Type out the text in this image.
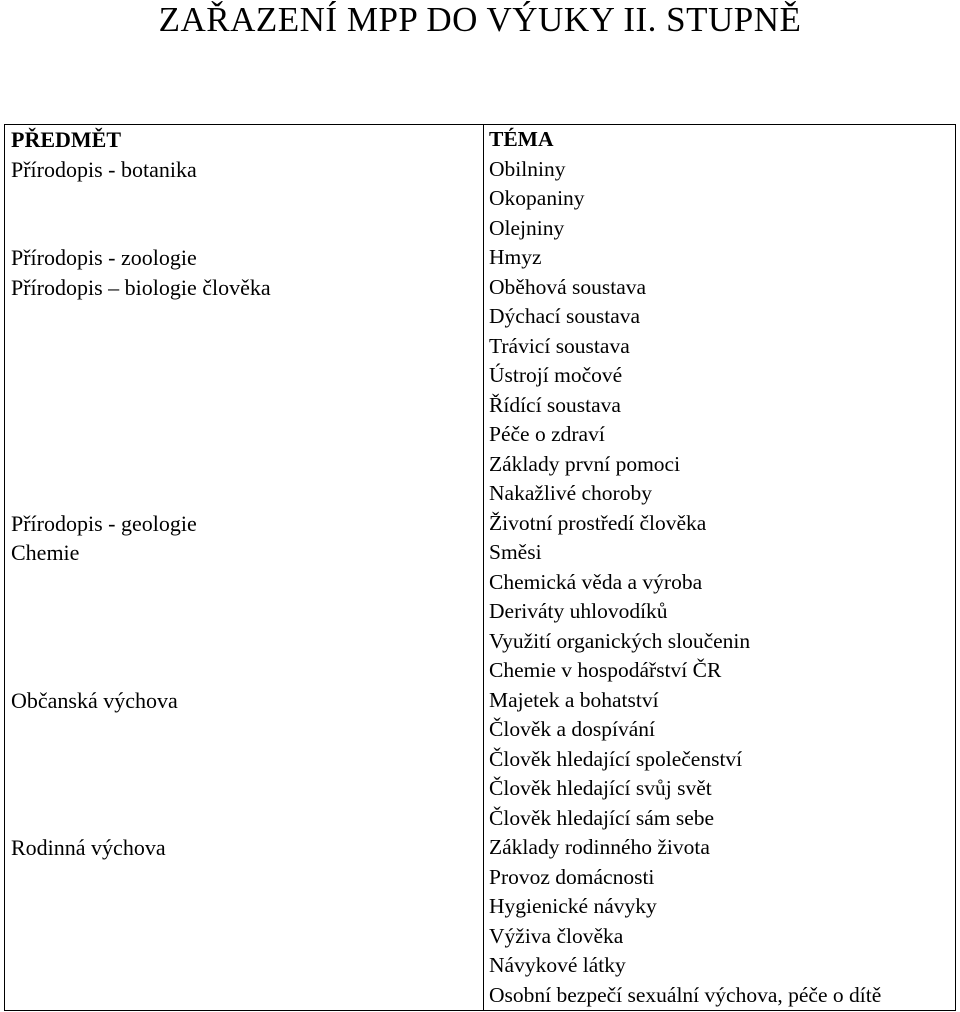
ZAŘAZENÍ MPP DO VÝUKY II. STUPNĚ
PŘEDMĚT
Přírodopis - botanika
Přírodopis - zoologie
Přírodopis – biologie člověka
Přírodopis - geologie
Chemie
Občanská výchova
Rodinná výchova
TÉMA
Obilniny
Okopaniny
Olejniny
Hmyz
Oběhová soustava
Dýchací soustava
Trávicí soustava
Ústrojí močové
Řídící soustava
Péče o zdraví
Základy první pomoci
Nakažlivé choroby
Životní prostředí člověka
Směsi
Chemická věda a výroba
Deriváty uhlovodíků
Využití organických sloučenin
Chemie v hospodářství ČR
Majetek a bohatství
Člověk a dospívání
Člověk hledající společenství
Člověk hledající svůj svět
Člověk hledající sám sebe
Základy rodinného života
Provoz domácnosti
Hygienické návyky
Výživa člověka
Návykové látky
Osobní bezpečí sexuální výchova, péče o dítě
